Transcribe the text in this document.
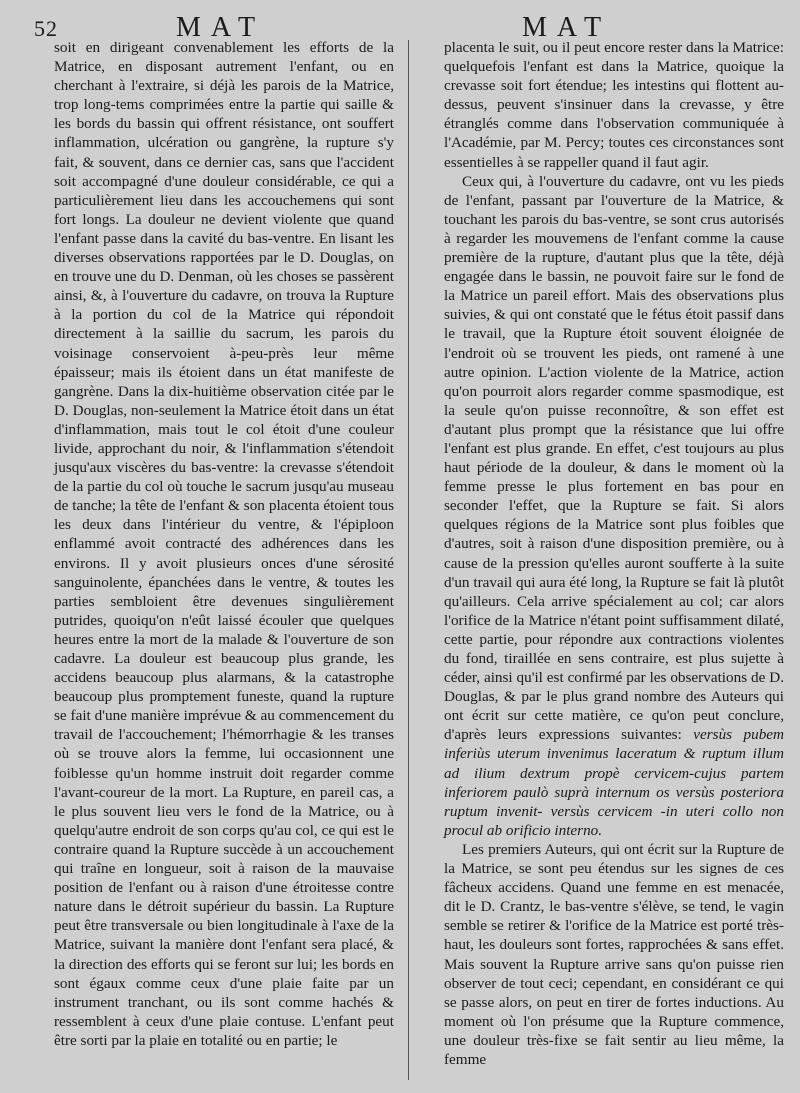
52	MAT	MAT

soit en dirigeant convenablement les efforts de la Matrice, en disposant autrement l'enfant, ou en cherchant à l'extraire, si déjà les parois de la Matrice, trop long-tems comprimées entre la partie qui saille & les bords du bassin qui offrent résistance, ont souffert inflammation, ulcération ou gangrène, la rupture s'y fait, & souvent, dans ce dernier cas, sans que l'accident soit accompagné d'une douleur considérable, ce qui a particulièrement lieu dans les accouchemens qui sont fort longs. La douleur ne devient violente que quand l'enfant passe dans la cavité du bas-ventre. En lisant les diverses observations rapportées par le D. Douglas, on en trouve une du D. Denman, où les choses se passèrent ainsi, &, à l'ouverture du cadavre, on trouva la Rupture à la portion du col de la Matrice qui répondoit directement à la saillie du sacrum, les parois du voisinage conservoient à-peu-près leur même épaisseur; mais ils étoient dans un état manifeste de gangrène. Dans la dix-huitième observation citée par le D. Douglas, non-seulement la Matrice étoit dans un état d'inflammation, mais tout le col étoit d'une couleur livide, approchant du noir, & l'inflammation s'étendoit jusqu'aux viscères du bas-ventre: la crevasse s'étendoit de la partie du col où touche le sacrum jusqu'au museau de tanche; la tête de l'enfant & son placenta étoient tous les deux dans l'intérieur du ventre, & l'épiploon enflammé avoit contracté des adhérences dans les environs. Il y avoit plusieurs onces d'une sérosité sanguinolente, épanchées dans le ventre, & toutes les parties sembloient être devenues singulièrement putrides, quoiqu'on n'eût laissé écouler que quelques heures entre la mort de la malade & l'ouverture de son cadavre. La douleur est beaucoup plus grande, les accidens beaucoup plus alarmans, & la catastrophe beaucoup plus promptement funeste, quand la rupture se fait d'une manière imprévue & au commencement du travail de l'accouchement; l'hémorrhagie & les transes où se trouve alors la femme, lui occasionnent une foiblesse qu'un homme instruit doit regarder comme l'avant-coureur de la mort. La Rupture, en pareil cas, a le plus souvent lieu vers le fond de la Matrice, ou à quelqu'autre endroit de son corps qu'au col, ce qui est le contraire quand la Rupture succède à un accouchement qui traîne en longueur, soit à raison de la mauvaise position de l'enfant ou à raison d'une étroitesse contre nature dans le détroit supérieur du bassin. La Rupture peut être transversale ou bien longitudinale à l'axe de la Matrice, suivant la manière dont l'enfant sera placé, & la direction des efforts qui se feront sur lui; les bords en sont égaux comme ceux d'une plaie faite par un instrument tranchant, ou ils sont comme hachés & ressemblent à ceux d'une plaie contuse. L'enfant peut être sorti par la plaie en totalité ou en partie; le

placenta le suit, ou il peut encore rester dans la Matrice: quelquefois l'enfant est dans la Matrice, quoique la crevasse soit fort étendue; les intestins qui flottent au-dessus, peuvent s'insinuer dans la crevasse, y être étranglés comme dans l'observation communiquée à l'Académie, par M. Percy; toutes ces circonstances sont essentielles à se rappeller quand il faut agir.

Ceux qui, à l'ouverture du cadavre, ont vu les pieds de l'enfant, passant par l'ouverture de la Matrice, & touchant les parois du bas-ventre, se sont crus autorisés à regarder les mouvemens de l'enfant comme la cause première de la rupture, d'autant plus que la tête, déjà engagée dans le bassin, ne pouvoit faire sur le fond de la Matrice un pareil effort. Mais des observations plus suivies, & qui ont constaté que le fétus étoit passif dans le travail, que la Rupture étoit souvent éloignée de l'endroit où se trouvent les pieds, ont ramené à une autre opinion. L'action violente de la Matrice, action qu'on pourroit alors regarder comme spasmodique, est la seule qu'on puisse reconnoître, & son effet est d'autant plus prompt que la résistance que lui offre l'enfant est plus grande. En effet, c'est toujours au plus haut période de la douleur, & dans le moment où la femme presse le plus fortement en bas pour en seconder l'effet, que la Rupture se fait. Si alors quelques régions de la Matrice sont plus foibles que d'autres, soit à raison d'une disposition première, ou à cause de la pression qu'elles auront soufferte à la suite d'un travail qui aura été long, la Rupture se fait là plutôt qu'ailleurs. Cela arrive spécialement au col; car alors l'orifice de la Matrice n'étant point suffisamment dilaté, cette partie, pour répondre aux contractions violentes du fond, tiraillée en sens contraire, est plus sujette à céder, ainsi qu'il est confirmé par les observations de D. Douglas, & par le plus grand nombre des Auteurs qui ont écrit sur cette matière, ce qu'on peut conclure, d'après leurs expressions suivantes: versùs pubem inferiùs uterum invenimus laceratum & ruptum illum ad ilium dextrum propè cervicem-cujus partem inferiorem paulò suprà internum os versùs posteriora ruptum invenit- versùs cervicem -in uteri collo non procul ab orificio interno.

Les premiers Auteurs, qui ont écrit sur la Rupture de la Matrice, se sont peu étendus sur les signes de ces fâcheux accidens. Quand une femme en est menacée, dit le D. Crantz, le bas-ventre s'élève, se tend, le vagin semble se retirer & l'orifice de la Matrice est porté très-haut, les douleurs sont fortes, rapprochées & sans effet. Mais souvent la Rupture arrive sans qu'on puisse rien observer de tout ceci; cependant, en considérant ce qui se passe alors, on peut en tirer de fortes inductions. Au moment où l'on présume que la Rupture commence, une douleur très-fixe se fait sentir au lieu même, la femme
